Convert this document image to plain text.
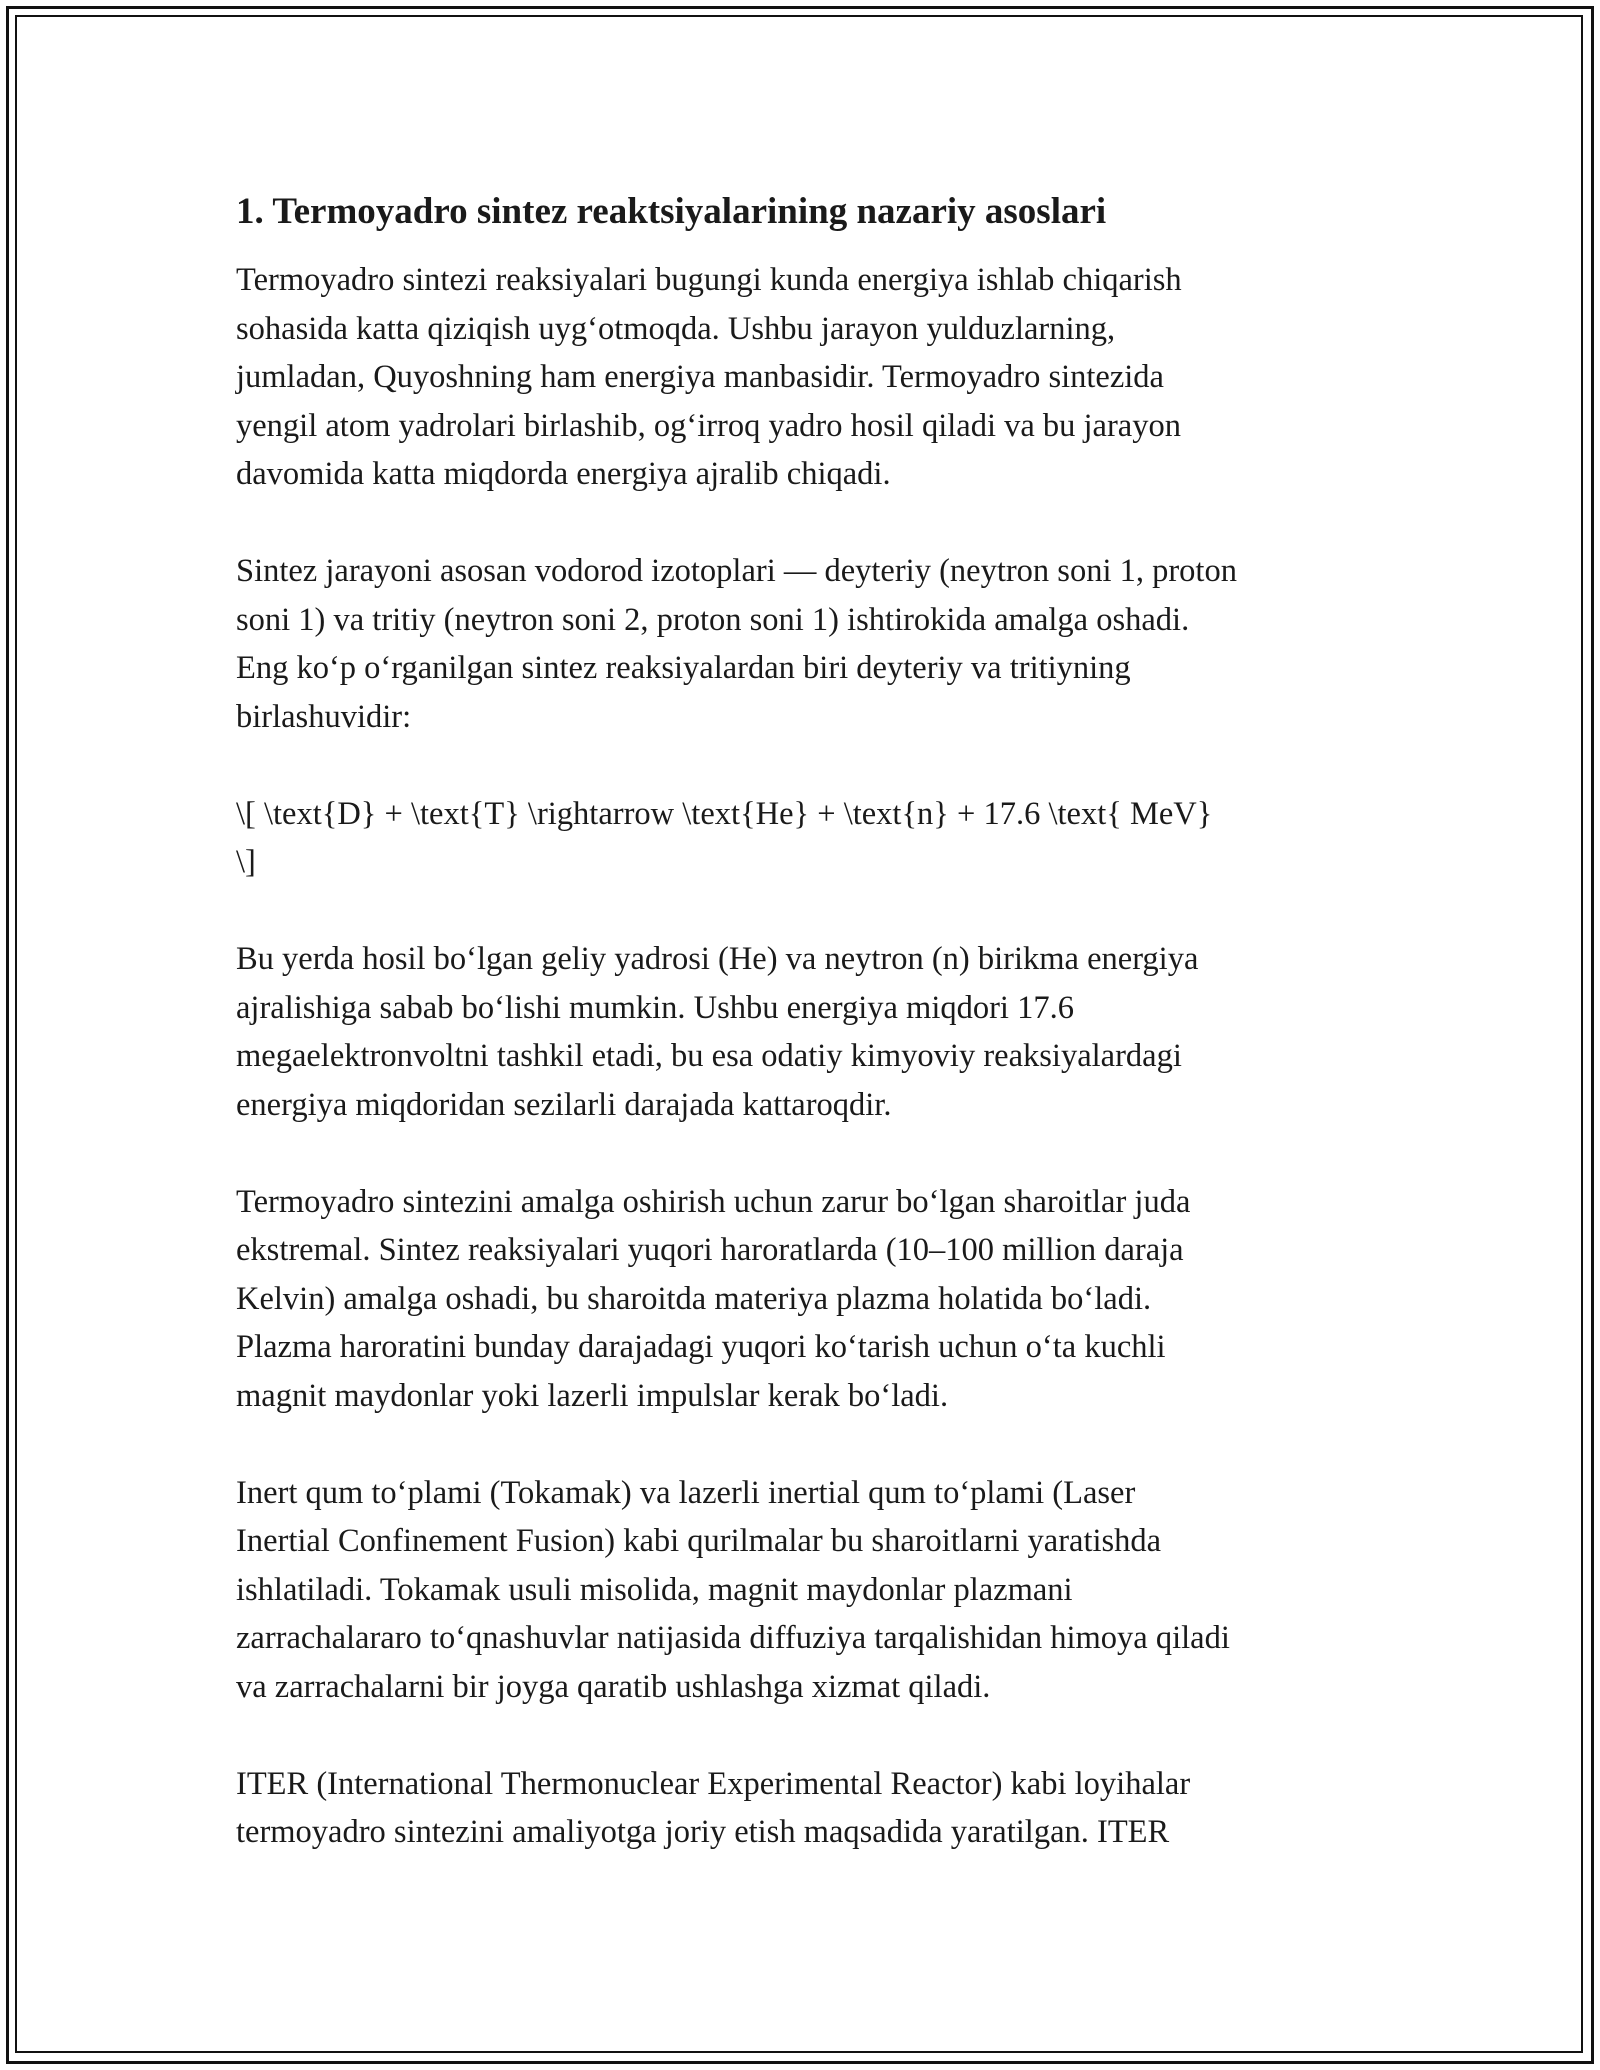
1. Termoyadro sintez reaktsiyalarining nazariy asoslari
Termoyadro sintezi reaksiyalari bugungi kunda energiya ishlab chiqarish
sohasida katta qiziqish uyg‘otmoqda. Ushbu jarayon yulduzlarning,
jumladan, Quyoshning ham energiya manbasidir. Termoyadro sintezida
yengil atom yadrolari birlashib, og‘irroq yadro hosil qiladi va bu jarayon
davomida katta miqdorda energiya ajralib chiqadi.
Sintez jarayoni asosan vodorod izotoplari — deyteriy (neytron soni 1, proton
soni 1) va tritiy (neytron soni 2, proton soni 1) ishtirokida amalga oshadi.
Eng ko‘p o‘rganilgan sintez reaksiyalardan biri deyteriy va tritiyning
birlashuvidir:
\[ \text{D} + \text{T} \rightarrow \text{He} + \text{n} + 17.6 \text{ MeV}
\]
Bu yerda hosil bo‘lgan geliy yadrosi (He) va neytron (n) birikma energiya
ajralishiga sabab bo‘lishi mumkin. Ushbu energiya miqdori 17.6
megaelektronvoltni tashkil etadi, bu esa odatiy kimyoviy reaksiyalardagi
energiya miqdoridan sezilarli darajada kattaroqdir.
Termoyadro sintezini amalga oshirish uchun zarur bo‘lgan sharoitlar juda
ekstremal. Sintez reaksiyalari yuqori haroratlarda (10–100 million daraja
Kelvin) amalga oshadi, bu sharoitda materiya plazma holatida bo‘ladi.
Plazma haroratini bunday darajadagi yuqori ko‘tarish uchun o‘ta kuchli
magnit maydonlar yoki lazerli impulslar kerak bo‘ladi.
Inert qum to‘plami (Tokamak) va lazerli inertial qum to‘plami (Laser
Inertial Confinement Fusion) kabi qurilmalar bu sharoitlarni yaratishda
ishlatiladi. Tokamak usuli misolida, magnit maydonlar plazmani
zarrachalararo to‘qnashuvlar natijasida diffuziya tarqalishidan himoya qiladi
va zarrachalarni bir joyga qaratib ushlashga xizmat qiladi.
ITER (International Thermonuclear Experimental Reactor) kabi loyihalar
termoyadro sintezini amaliyotga joriy etish maqsadida yaratilgan. ITER
